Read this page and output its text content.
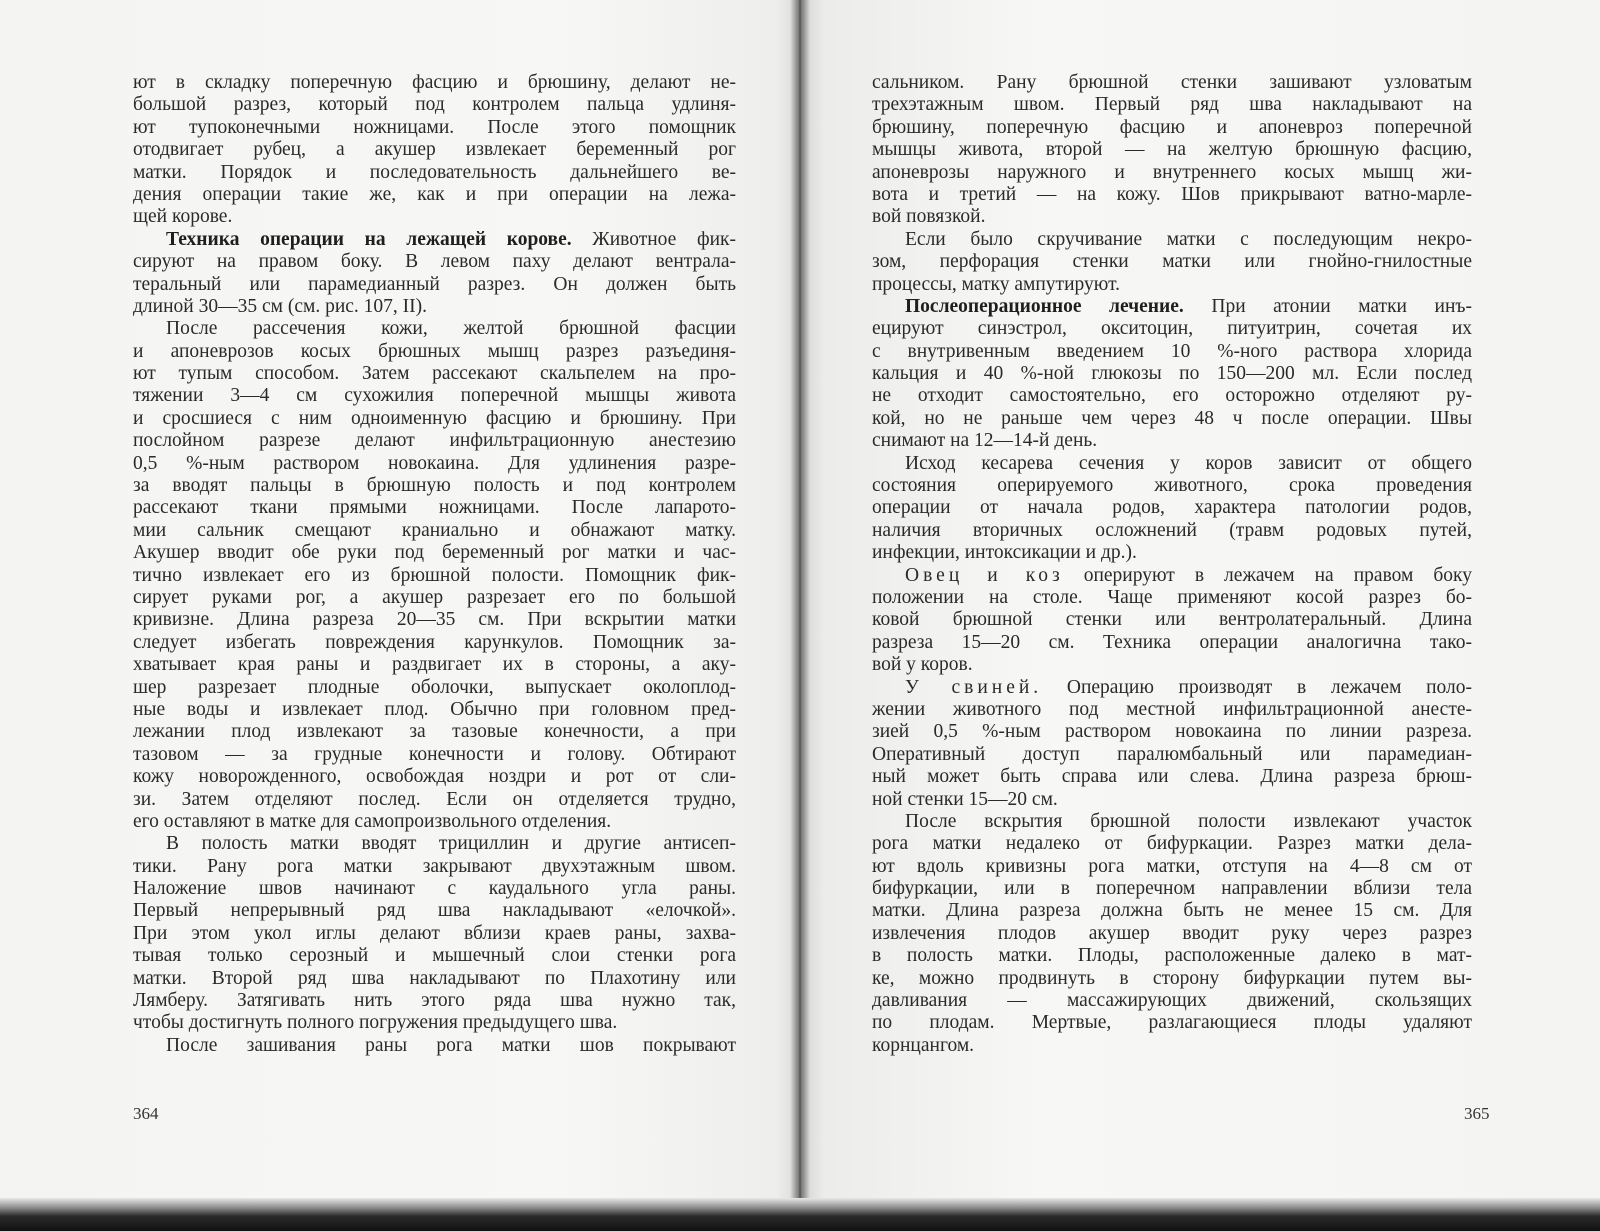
ют в складку поперечную фасцию и брюшину, делают не-
большой разрез, который под контролем пальца удлиня-
ют тупоконечными ножницами. После этого помощник
отодвигает рубец, а акушер извлекает беременный рог
матки. Порядок и последовательность дальнейшего ве-
дения операции такие же, как и при операции на лежа-
щей корове.
Техника операции на лежащей корове. Животное фик-
сируют на правом боку. В левом паху делают вентрала-
теральный или парамедианный разрез. Он должен быть
длиной 30—35 см (см. рис. 107, II).
После рассечения кожи, желтой брюшной фасции
и апоневрозов косых брюшных мышц разрез разъединя-
ют тупым способом. Затем рассекают скальпелем на про-
тяжении 3—4 см сухожилия поперечной мышцы живота
и сросшиеся с ним одноименную фасцию и брюшину. При
послойном разрезе делают инфильтрационную анестезию
0,5 %-ным раствором новокаина. Для удлинения разре-
за вводят пальцы в брюшную полость и под контролем
рассекают ткани прямыми ножницами. После лапарото-
мии сальник смещают краниально и обнажают матку.
Акушер вводит обе руки под беременный рог матки и час-
тично извлекает его из брюшной полости. Помощник фик-
сирует руками рог, а акушер разрезает его по большой
кривизне. Длина разреза 20—35 см. При вскрытии матки
следует избегать повреждения карункулов. Помощник за-
хватывает края раны и раздвигает их в стороны, а аку-
шер разрезает плодные оболочки, выпускает околоплод-
ные воды и извлекает плод. Обычно при головном пред-
лежании плод извлекают за тазовые конечности, а при
тазовом — за грудные конечности и голову. Обтирают
кожу новорожденного, освобождая ноздри и рот от сли-
зи. Затем отделяют послед. Если он отделяется трудно,
его оставляют в матке для самопроизвольного отделения.
В полость матки вводят трициллин и другие антисеп-
тики. Рану рога матки закрывают двухэтажным швом.
Наложение швов начинают с каудального угла раны.
Первый непрерывный ряд шва накладывают «елочкой».
При этом укол иглы делают вблизи краев раны, захва-
тывая только серозный и мышечный слои стенки рога
матки. Второй ряд шва накладывают по Плахотину или
Лямберу. Затягивать нить этого ряда шва нужно так,
чтобы достигнуть полного погружения предыдущего шва.
После зашивания раны рога матки шов покрывают
364
сальником. Рану брюшной стенки зашивают узловатым
трехэтажным швом. Первый ряд шва накладывают на
брюшину, поперечную фасцию и апоневроз поперечной
мышцы живота, второй — на желтую брюшную фасцию,
апоневрозы наружного и внутреннего косых мышц жи-
вота и третий — на кожу. Шов прикрывают ватно-марле-
вой повязкой.
Если было скручивание матки с последующим некро-
зом, перфорация стенки матки или гнойно-гнилостные
процессы, матку ампутируют.
Послеоперационное лечение. При атонии матки инъ-
ецируют синэстрол, окситоцин, питуитрин, сочетая их
с внутривенным введением 10 %-ного раствора хлорида
кальция и 40 %-ной глюкозы по 150—200 мл. Если послед
не отходит самостоятельно, его осторожно отделяют ру-
кой, но не раньше чем через 48 ч после операции. Швы
снимают на 12—14-й день.
Исход кесарева сечения у коров зависит от общего
состояния оперируемого животного, срока проведения
операции от начала родов, характера патологии родов,
наличия вторичных осложнений (травм родовых путей,
инфекции, интоксикации и др.).
Овец и коз оперируют в лежачем на правом боку
положении на столе. Чаще применяют косой разрез бо-
ковой брюшной стенки или вентролатеральный. Длина
разреза 15—20 см. Техника операции аналогична тако-
вой у коров.
У свиней. Операцию производят в лежачем поло-
жении животного под местной инфильтрационной анесте-
зией 0,5 %-ным раствором новокаина по линии разреза.
Оперативный доступ паралюмбальный или парамедиан-
ный может быть справа или слева. Длина разреза брюш-
ной стенки 15—20 см.
После вскрытия брюшной полости извлекают участок
рога матки недалеко от бифуркации. Разрез матки дела-
ют вдоль кривизны рога матки, отступя на 4—8 см от
бифуркации, или в поперечном направлении вблизи тела
матки. Длина разреза должна быть не менее 15 см. Для
извлечения плодов акушер вводит руку через разрез
в полость матки. Плоды, расположенные далеко в мат-
ке, можно продвинуть в сторону бифуркации путем вы-
давливания — массажирующих движений, скользящих
по плодам. Мертвые, разлагающиеся плоды удаляют
корнцангом.
365
